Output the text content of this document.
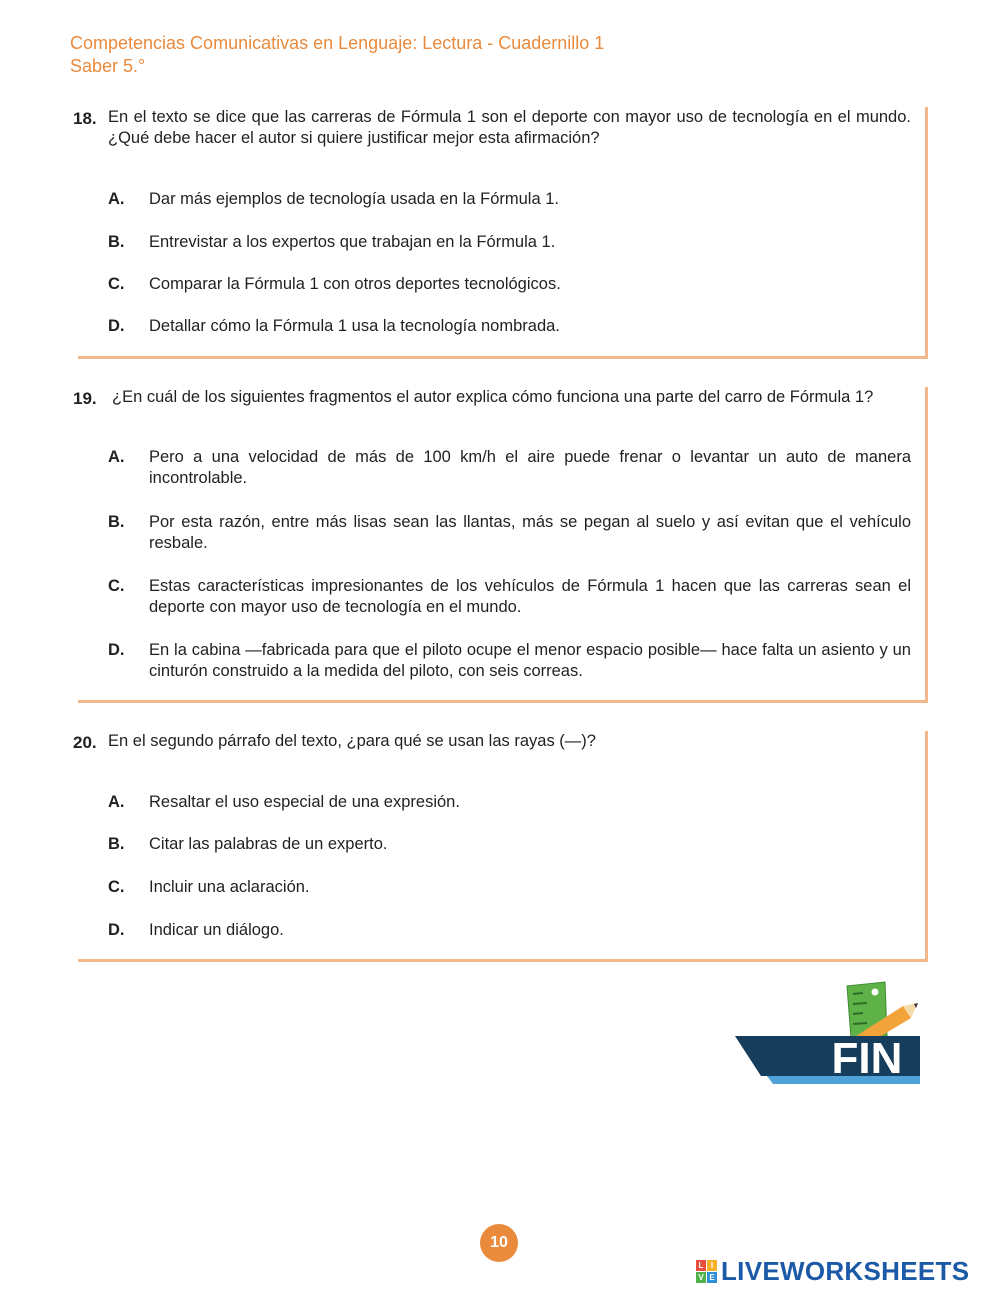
Competencias Comunicativas en Lenguaje: Lectura - Cuadernillo 1
Saber 5.°
18. En el texto se dice que las carreras de Fórmula 1 son el deporte con mayor uso de tecnología en el mundo. ¿Qué debe hacer el autor si quiere justificar mejor esta afirmación?
A. Dar más ejemplos de tecnología usada en la Fórmula 1.
B. Entrevistar a los expertos que trabajan en la Fórmula 1.
C. Comparar la Fórmula 1 con otros deportes tecnológicos.
D. Detallar cómo la Fórmula 1 usa la tecnología nombrada.
19. ¿En cuál de los siguientes fragmentos el autor explica cómo funciona una parte del carro de Fórmula 1?
A. Pero a una velocidad de más de 100 km/h el aire puede frenar o levantar un auto de manera incontrolable.
B. Por esta razón, entre más lisas sean las llantas, más se pegan al suelo y así evitan que el vehículo resbale.
C. Estas características impresionantes de los vehículos de Fórmula 1 hacen que las carreras sean el deporte con mayor uso de tecnología en el mundo.
D. En la cabina —fabricada para que el piloto ocupe el menor espacio posible— hace falta un asiento y un cinturón construido a la medida del piloto, con seis correas.
20. En el segundo párrafo del texto, ¿para qué se usan las rayas (—)?
A. Resaltar el uso especial de una expresión.
B. Citar las palabras de un experto.
C. Incluir una aclaración.
D. Indicar un diálogo.
FIN
10
L I
V E LIVEWORKSHEETS
